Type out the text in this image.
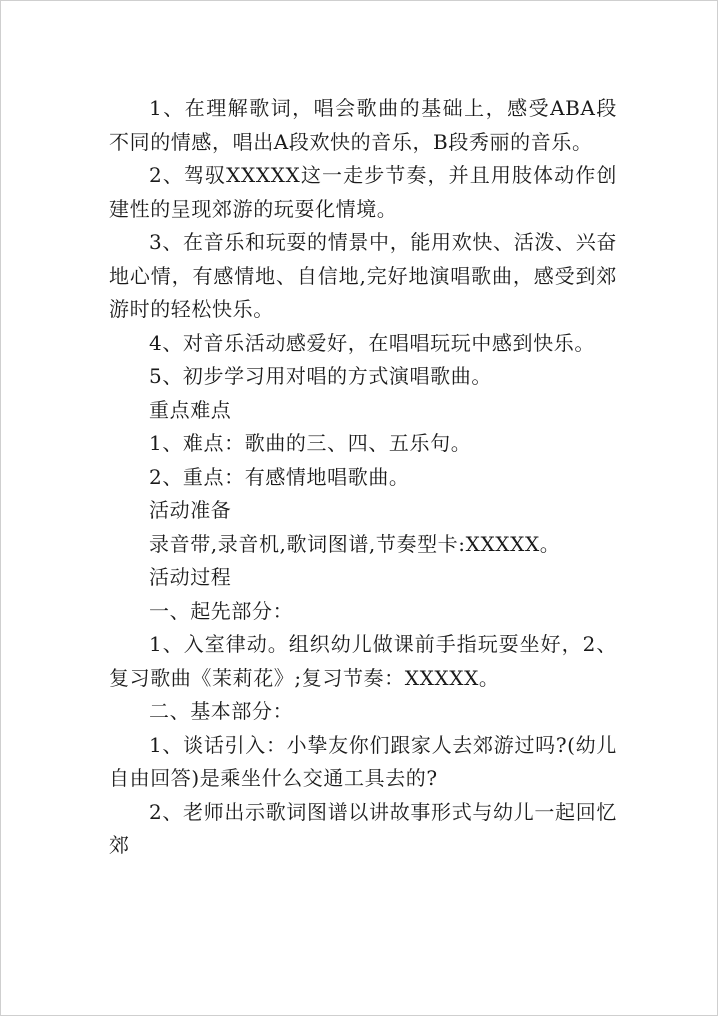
1、在理解歌词，唱会歌曲的基础上，感受ABA段不同的情感，唱出A段欢快的音乐，B段秀丽的音乐。

2、驾驭XXXXX这一走步节奏，并且用肢体动作创建性的呈现郊游的玩耍化情境。

3、在音乐和玩耍的情景中，能用欢快、活泼、兴奋地心情，有感情地、自信地,完好地演唱歌曲，感受到郊游时的轻松快乐。

4、对音乐活动感爱好，在唱唱玩玩中感到快乐。

5、初步学习用对唱的方式演唱歌曲。

重点难点

1、难点：歌曲的三、四、五乐句。

2、重点：有感情地唱歌曲。

活动准备

录音带,录音机,歌词图谱,节奏型卡:XXXXX。

活动过程

一、起先部分：

1、入室律动。组织幼儿做课前手指玩耍坐好，2、复习歌曲《茉莉花》;复习节奏：XXXXX。

二、基本部分：

1、谈话引入：小挚友你们跟家人去郊游过吗?(幼儿自由回答)是乘坐什么交通工具去的?

2、老师出示歌词图谱以讲故事形式与幼儿一起回忆郊
